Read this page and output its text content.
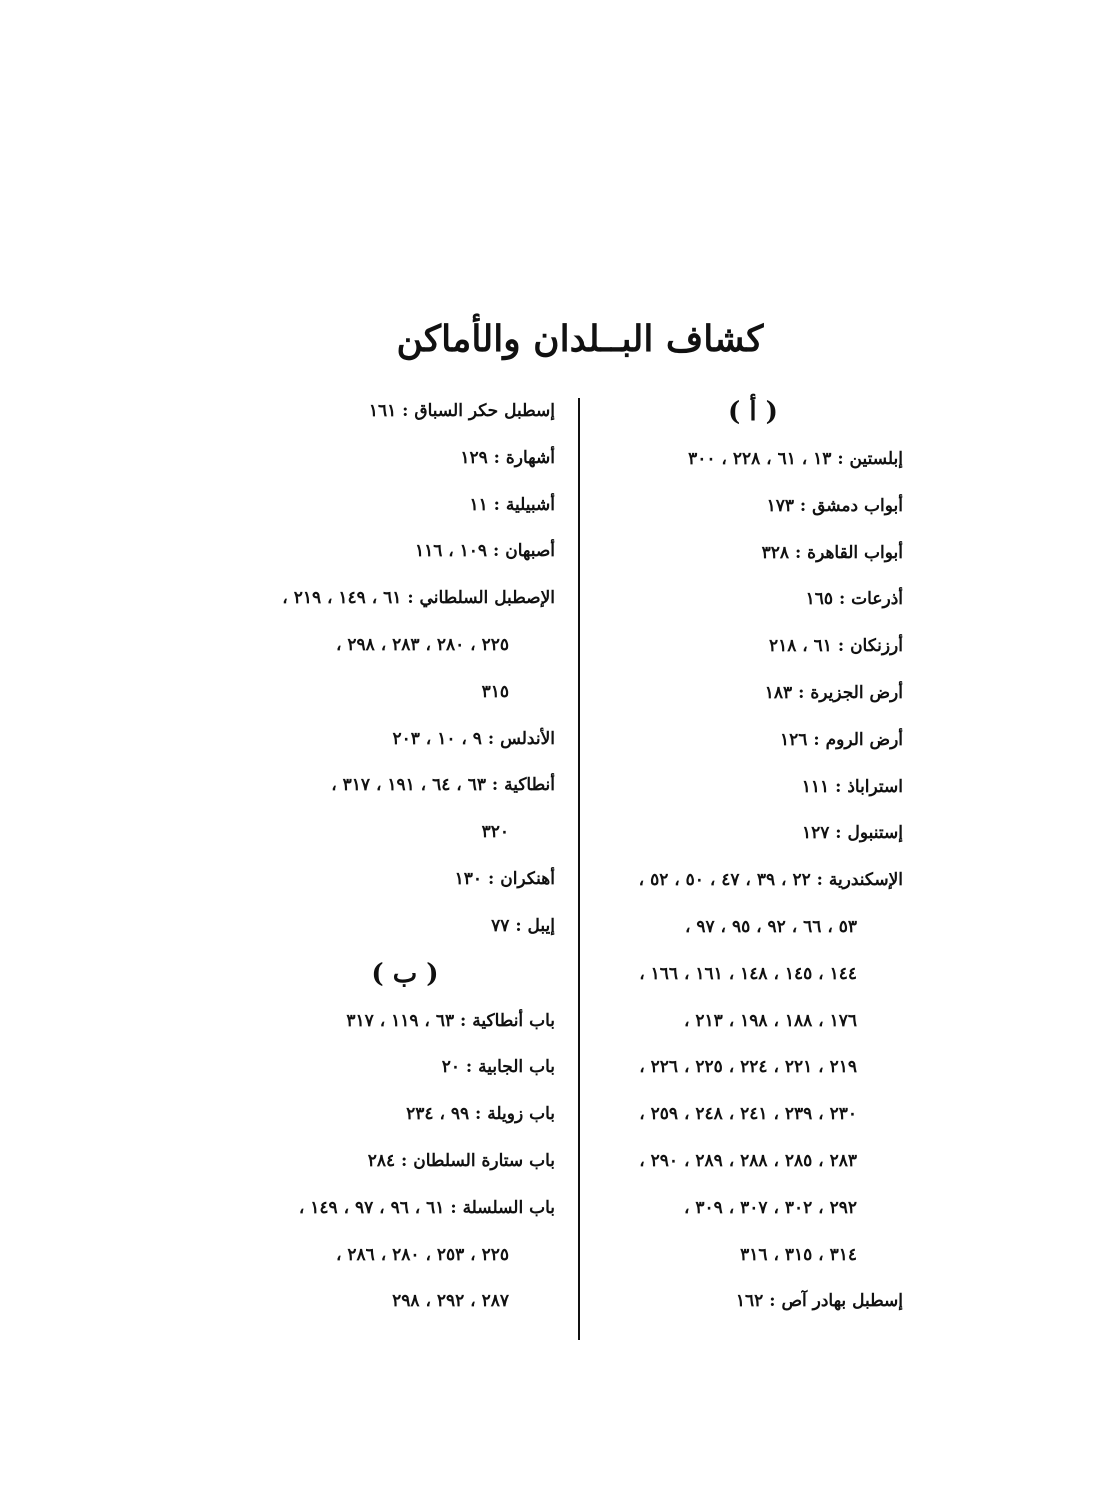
كشاف البــلدان والأماكن
( أ )
إبلستين : ١٣ ، ٦١ ، ٢٢٨ ، ٣٠٠
أبواب دمشق : ١٧٣
أبواب القاهرة : ٣٢٨
أذرعات : ١٦٥
أرزنكان : ٦١ ، ٢١٨
أرض الجزيرة : ١٨٣
أرض الروم : ١٢٦
استراباذ : ١١١
إستنبول : ١٢٧
الإسكندرية : ٢٢ ، ٣٩ ، ٤٧ ، ٥٠ ، ٥٢ ،
٥٣ ، ٦٦ ، ٩٢ ، ٩٥ ، ٩٧ ،
١٤٤ ، ١٤٥ ، ١٤٨ ، ١٦١ ، ١٦٦ ،
١٧٦ ، ١٨٨ ، ١٩٨ ، ٢١٣ ،
٢١٩ ، ٢٢١ ، ٢٢٤ ، ٢٢٥ ، ٢٢٦ ،
٢٣٠ ، ٢٣٩ ، ٢٤١ ، ٢٤٨ ، ٢٥٩ ،
٢٨٣ ، ٢٨٥ ، ٢٨٨ ، ٢٨٩ ، ٢٩٠ ،
٢٩٢ ، ٣٠٢ ، ٣٠٧ ، ٣٠٩ ،
٣١٤ ، ٣١٥ ، ٣١٦
إسطبل بهادر آص : ١٦٢
إسطبل حكر السباق : ١٦١
أشهارة : ١٢٩
أشبيلية : ١١
أصبهان : ١٠٩ ، ١١٦
الإصطبل السلطاني : ٦١ ، ١٤٩ ، ٢١٩ ،
٢٢٥ ، ٢٨٠ ، ٢٨٣ ، ٢٩٨ ،
٣١٥
الأندلس : ٩ ، ١٠ ، ٢٠٣
أنطاكية : ٦٣ ، ٦٤ ، ١٩١ ، ٣١٧ ،
٣٢٠
أهنكران : ١٣٠
إيبل : ٧٧
( ب )
باب أنطاكية : ٦٣ ، ١١٩ ، ٣١٧
باب الجابية : ٢٠
باب زويلة : ٩٩ ، ٢٣٤
باب ستارة السلطان : ٢٨٤
باب السلسلة : ٦١ ، ٩٦ ، ٩٧ ، ١٤٩ ،
٢٢٥ ، ٢٥٣ ، ٢٨٠ ، ٢٨٦ ،
٢٨٧ ، ٢٩٢ ، ٢٩٨
